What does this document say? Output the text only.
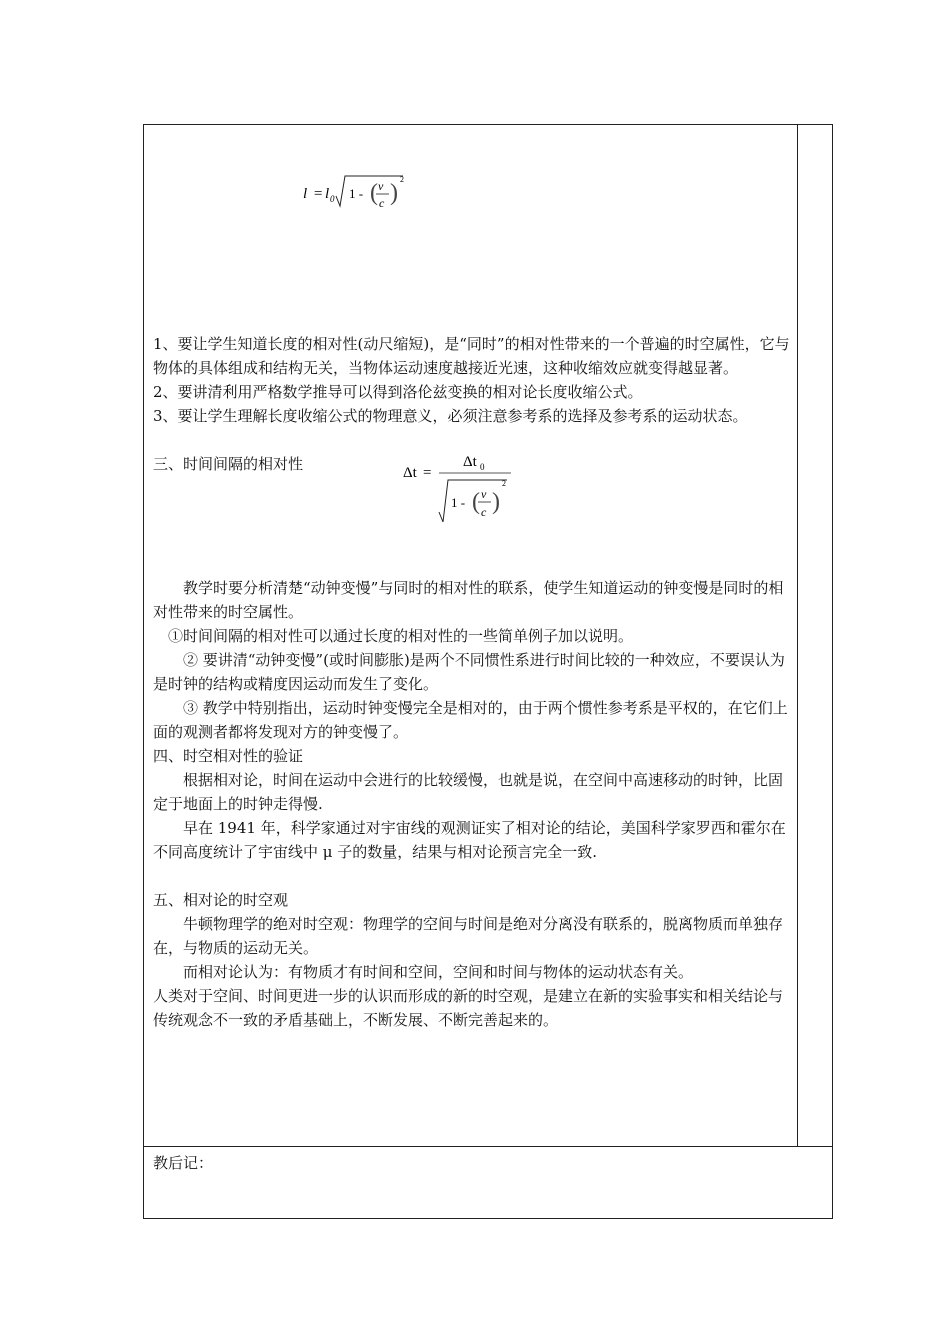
l = l 0 1 - ( v
c )
2

1、要让学生知道长度的相对性(动尺缩短)，是“同时”的相对性带来的一个普遍的时空属性，它与物体的具体组成和结构无关，当物体运动速度越接近光速，这种收缩效应就变得越显著。

2、要讲清利用严格数学推导可以得到洛伦兹变换的相对论长度收缩公式。

3、要让学生理解长度收缩公式的物理意义，必须注意参考系的选择及参考系的运动状态。

三、时间间隔的相对性	Δt =
Δt 0
1 - ( v
c )
2

教学时要分析清楚“动钟变慢”与同时的相对性的联系，使学生知道运动的钟变慢是同时的相对性带来的时空属性。

①时间间隔的相对性可以通过长度的相对性的一些简单例子加以说明。

② 要讲清“动钟变慢”(或时间膨胀)是两个不同惯性系进行时间比较的一种效应，不要误认为是时钟的结构或精度因运动而发生了变化。

③ 教学中特别指出，运动时钟变慢完全是相对的，由于两个惯性参考系是平权的，在它们上面的观测者都将发现对方的钟变慢了。

四、时空相对性的验证

根据相对论，时间在运动中会进行的比较缓慢，也就是说，在空间中高速移动的时钟，比固定于地面上的时钟走得慢.

早在 1941 年，科学家通过对宇宙线的观测证实了相对论的结论，美国科学家罗西和霍尔在不同高度统计了宇宙线中 μ 子的数量，结果与相对论预言完全一致.

五、相对论的时空观

牛顿物理学的绝对时空观：物理学的空间与时间是绝对分离没有联系的，脱离物质而单独存在，与物质的运动无关。

而相对论认为：有物质才有时间和空间，空间和时间与物体的运动状态有关。

人类对于空间、时间更进一步的认识而形成的新的时空观，是建立在新的实验事实和相关结论与传统观念不一致的矛盾基础上，不断发展、不断完善起来的。

教后记：
